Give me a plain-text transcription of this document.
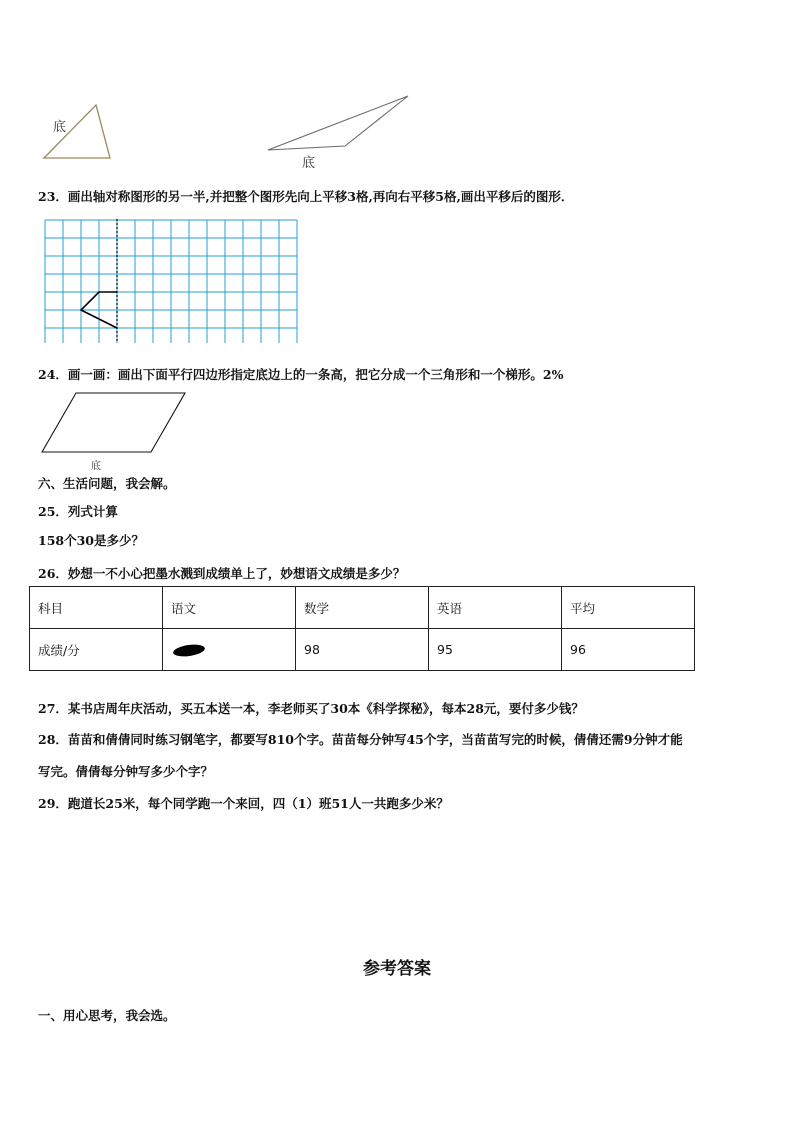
底
底
23．画出轴对称图形的另一半,并把整个图形先向上平移3格,再向右平移5格,画出平移后的图形．
24．画一画：画出下面平行四边形指定底边上的一条高，把它分成一个三角形和一个梯形。2%
底
六、生活问题，我会解。
25．列式计算
158个30是多少？
26．妙想一不小心把墨水溅到成绩单上了，妙想语文成绩是多少？
科目	语文	数学	英语	平均
成绩/分		98	95	96
27．某书店周年庆活动，买五本送一本，李老师买了30本《科学探秘》，每本28元，要付多少钱？
28．苗苗和倩倩同时练习钢笔字，都要写810个字。苗苗每分钟写45个字，当苗苗写完的时候，倩倩还需9分钟才能
写完。倩倩每分钟写多少个字？
29．跑道长25米，每个同学跑一个来回，四（1）班51人一共跑多少米？
参考答案
一、用心思考，我会选。
